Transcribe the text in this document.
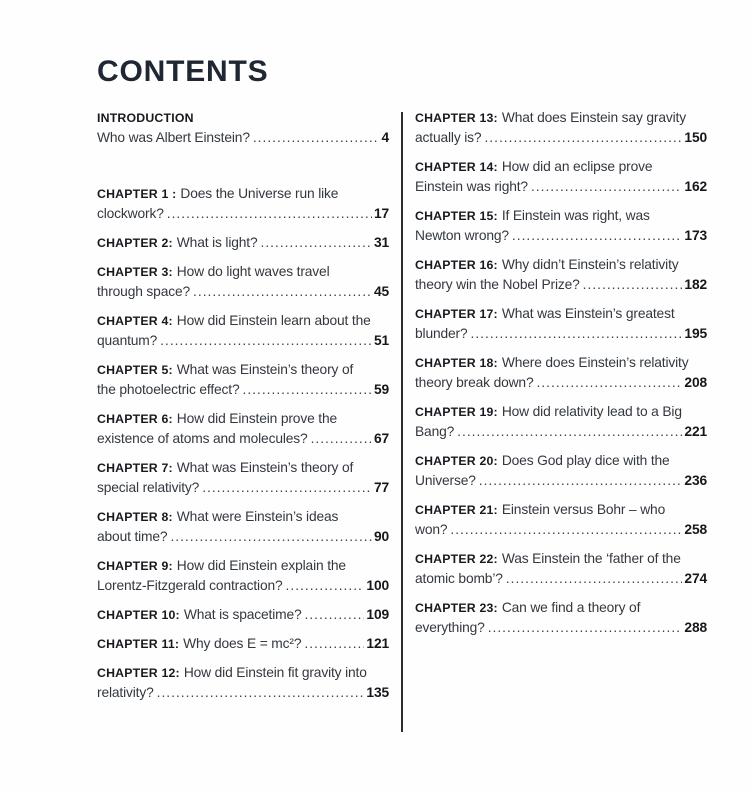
CONTENTS
INTRODUCTION
Who was Albert Einstein? .....	4
CHAPTER 1 : Does the Universe run like
clockwork? .....	17
CHAPTER 2: What is light? .....	31
CHAPTER 3: How do light waves travel
through space? .....	45
CHAPTER 4: How did Einstein learn about the
quantum? .....	51
CHAPTER 5: What was Einstein’s theory of
the photoelectric effect? .....	59
CHAPTER 6: How did Einstein prove the
existence of atoms and molecules? .....	67
CHAPTER 7: What was Einstein’s theory of
special relativity? .....	77
CHAPTER 8: What were Einstein’s ideas
about time? .....	90
CHAPTER 9: How did Einstein explain the
Lorentz-Fitzgerald contraction? .....	100
CHAPTER 10: What is spacetime? .....	109
CHAPTER 11: Why does E = mc²? .....	121
CHAPTER 12: How did Einstein fit gravity into
relativity? .....	135
CHAPTER 13: What does Einstein say gravity
actually is? .....	150
CHAPTER 14: How did an eclipse prove
Einstein was right? .....	162
CHAPTER 15: If Einstein was right, was
Newton wrong? .....	173
CHAPTER 16: Why didn’t Einstein’s relativity
theory win the Nobel Prize? .....	182
CHAPTER 17: What was Einstein’s greatest
blunder? .....	195
CHAPTER 18: Where does Einstein’s relativity
theory break down? .....	208
CHAPTER 19: How did relativity lead to a Big
Bang? .....	221
CHAPTER 20: Does God play dice with the
Universe? .....	236
CHAPTER 21: Einstein versus Bohr – who
won? .....	258
CHAPTER 22: Was Einstein the ‘father of the
atomic bomb’? .....	274
CHAPTER 23: Can we find a theory of
everything? .....	288
